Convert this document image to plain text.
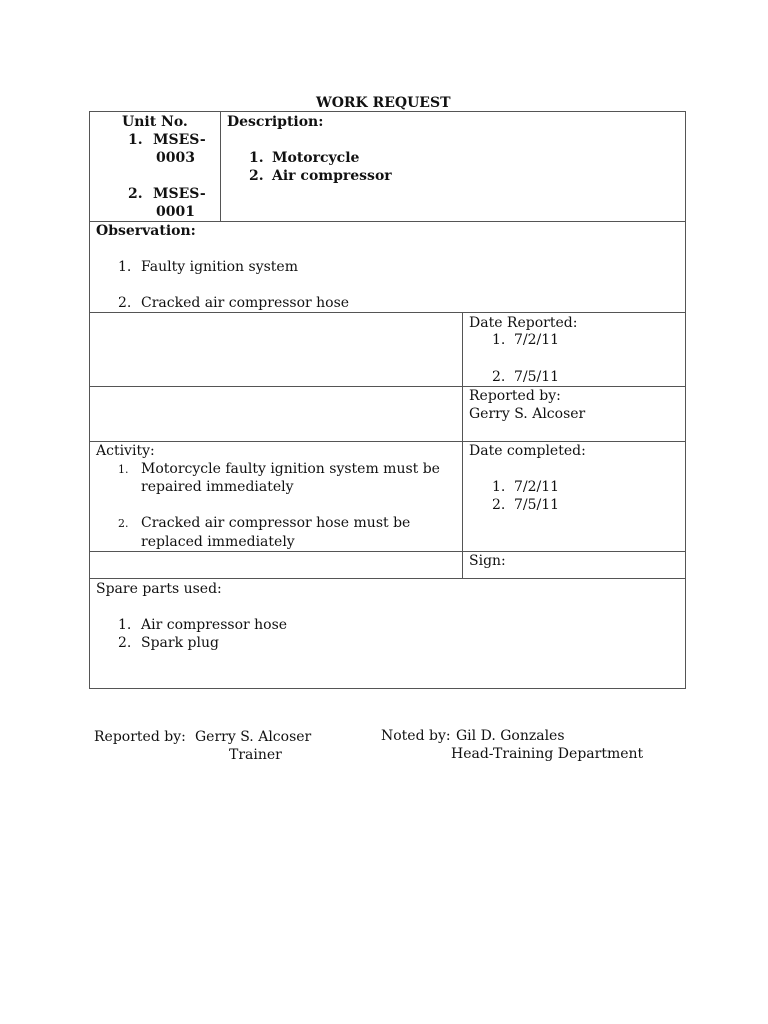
WORK REQUEST
Unit No.
1. MSES-
0003
2. MSES-
0001
Description:
1. Motorcycle
2. Air compressor
Observation:
1. Faulty ignition system
2. Cracked air compressor hose
Date Reported:
1. 7/2/11
2. 7/5/11
Reported by:
Gerry S. Alcoser
Activity:
1. Motorcycle faulty ignition system must be
repaired immediately
2. Cracked air compressor hose must be
replaced immediately
Date completed:
1. 7/2/11
2. 7/5/11
Sign:
Spare parts used:
1. Air compressor hose
2. Spark plug
Reported by: Gerry S. Alcoser
Trainer
Noted by: Gil D. Gonzales
Head-Training Department
